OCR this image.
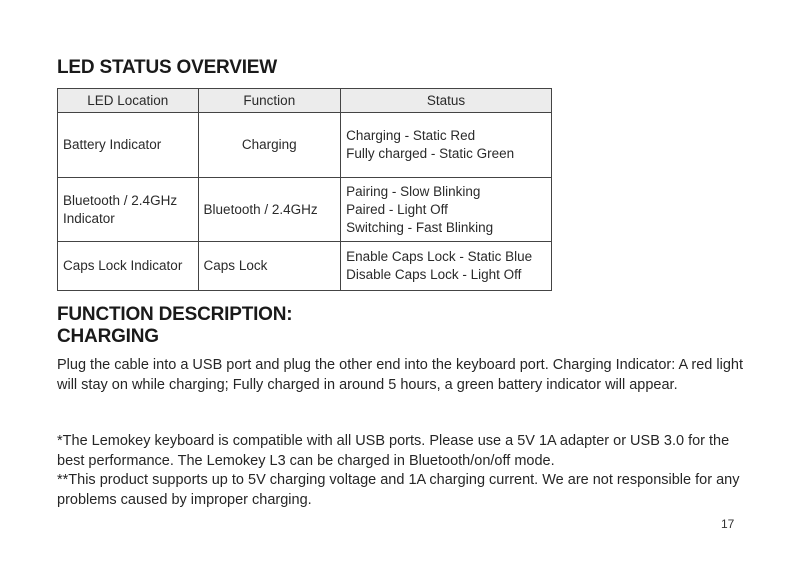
LED STATUS OVERVIEW
LED Location	Function	Status
Battery Indicator	Charging	Charging - Static Red
Fully charged - Static Green

Bluetooth / 2.4GHz Indicator	Bluetooth / 2.4GHz	Pairing - Slow Blinking
Paired - Light Off
Switching - Fast Blinking

Caps Lock Indicator	Caps Lock	Enable Caps Lock - Static Blue
Disable Caps Lock - Light Off
FUNCTION DESCRIPTION:
CHARGING
Plug the cable into a USB port and plug the other end into the keyboard port. Charging Indicator: A red light will stay on while charging; Fully charged in around 5 hours, a green battery indicator will appear.
*The Lemokey keyboard is compatible with all USB ports. Please use a 5V 1A adapter or USB 3.0 for the best performance. The Lemokey L3 can be charged in Bluetooth/on/off mode.
**This product supports up to 5V charging voltage and 1A charging current. We are not responsible for any problems caused by improper charging.
17
